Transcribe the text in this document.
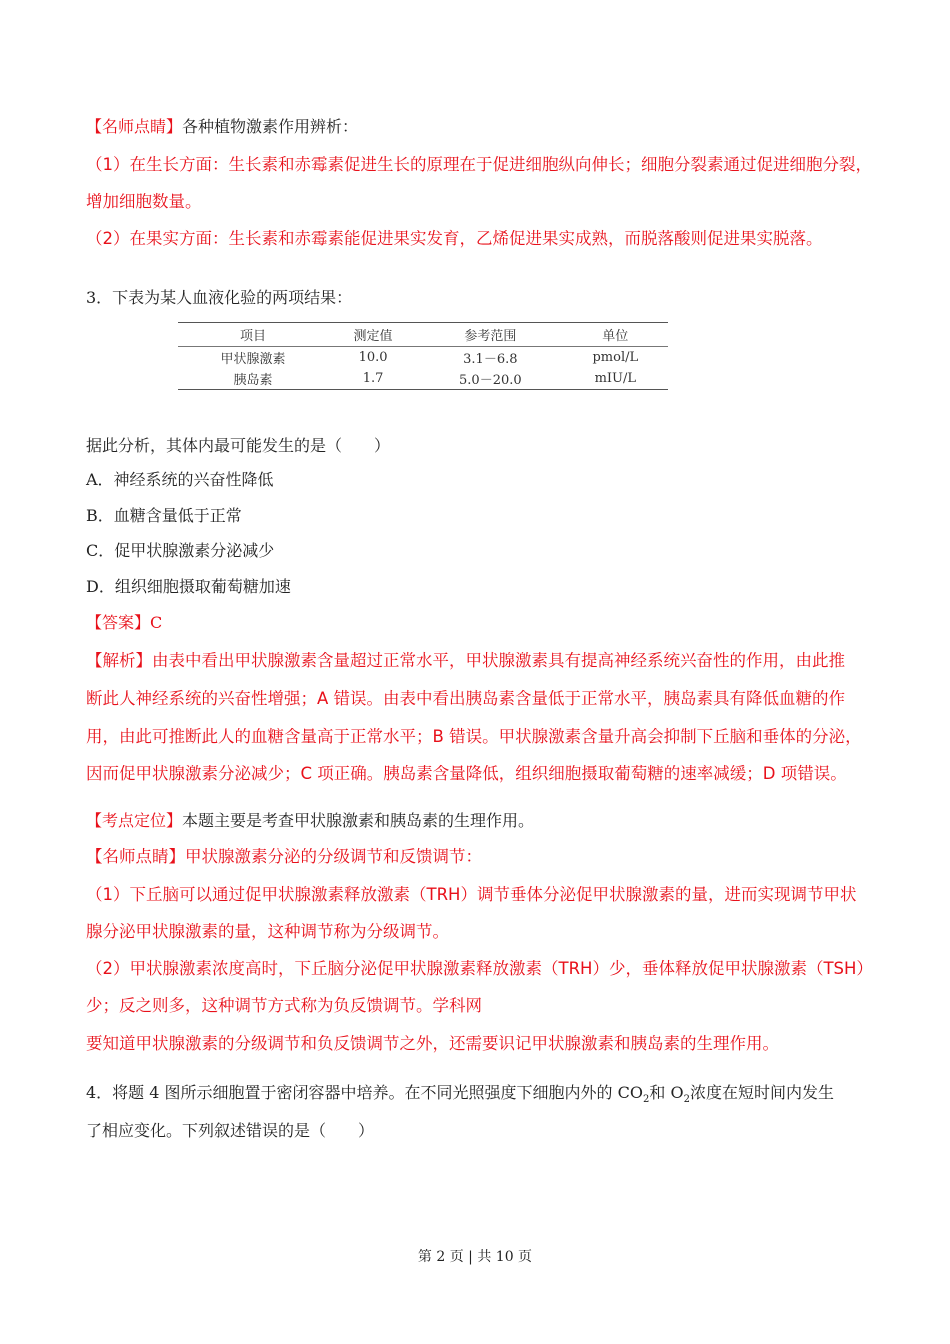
【名师点睛】各种植物激素作用辨析：
（1）在生长方面：生长素和赤霉素促进生长的原理在于促进细胞纵向伸长；细胞分裂素通过促进细胞分裂，
增加细胞数量。
（2）在果实方面：生长素和赤霉素能促进果实发育，乙烯促进果实成熟，而脱落酸则促进果实脱落。
3．下表为某人血液化验的两项结果：
项目	测定值	参考范围	单位
甲状腺激素	10.0	3.1－6.8	pmol/L
胰岛素	1.7	5.0－20.0	mIU/L
据此分析，其体内最可能发生的是（　　）
A．神经系统的兴奋性降低
B．血糖含量低于正常
C．促甲状腺激素分泌减少
D．组织细胞摄取葡萄糖加速
【答案】C
【解析】由表中看出甲状腺激素含量超过正常水平，甲状腺激素具有提高神经系统兴奋性的作用，由此推
断此人神经系统的兴奋性增强；A 错误。由表中看出胰岛素含量低于正常水平，胰岛素具有降低血糖的作
用，由此可推断此人的血糖含量高于正常水平；B 错误。甲状腺激素含量升高会抑制下丘脑和垂体的分泌，
因而促甲状腺激素分泌减少；C 项正确。胰岛素含量降低，组织细胞摄取葡萄糖的速率减缓；D 项错误。
【考点定位】本题主要是考查甲状腺激素和胰岛素的生理作用。
【名师点睛】甲状腺激素分泌的分级调节和反馈调节：
（1）下丘脑可以通过促甲状腺激素释放激素（TRH）调节垂体分泌促甲状腺激素的量，进而实现调节甲状
腺分泌甲状腺激素的量，这种调节称为分级调节。
（2）甲状腺激素浓度高时，下丘脑分泌促甲状腺激素释放激素（TRH）少，垂体释放促甲状腺激素（TSH）
少；反之则多，这种调节方式称为负反馈调节。学科网
要知道甲状腺激素的分级调节和负反馈调节之外，还需要识记甲状腺激素和胰岛素的生理作用。
4．将题 4 图所示细胞置于密闭容器中培养。在不同光照强度下细胞内外的 $CO_2$和 $O_2$浓度在短时间内发生
了相应变化。下列叙述错误的是（　　）
第 2 页 | 共 10 页
